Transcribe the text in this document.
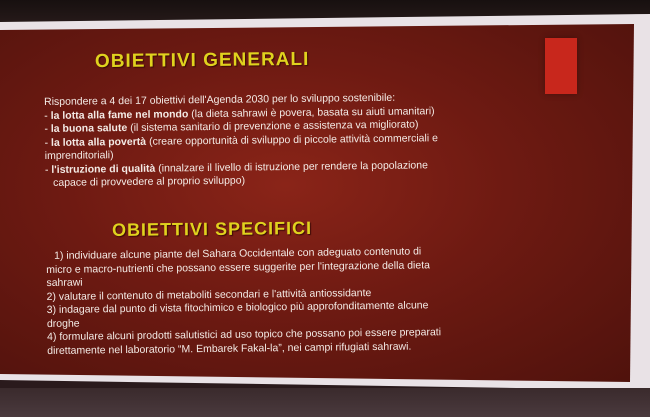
OBIETTIVI GENERALI
Rispondere a 4 dei 17 obiettivi dell'Agenda 2030 per lo sviluppo sostenibile:
- la lotta alla fame nel mondo (la dieta sahrawi è povera, basata su aiuti umanitari)
- la buona salute (il sistema sanitario di prevenzione e assistenza va migliorato)
- la lotta alla povertà (creare opportunità di sviluppo di piccole attività commerciali e
imprenditoriali)
- l'istruzione di qualità (innalzare il livello di istruzione per rendere la popolazione
capace di provvedere al proprio sviluppo)
OBIETTIVI SPECIFICI
1) individuare alcune piante del Sahara Occidentale con adeguato contenuto di
micro e macro-nutrienti che possano essere suggerite per l'integrazione della dieta
sahrawi
2) valutare il contenuto di metaboliti secondari e l'attività antiossidante
3) indagare dal punto di vista fitochimico e biologico più approfonditamente alcune
droghe
4) formulare alcuni prodotti salutistici ad uso topico che possano poi essere preparati
direttamente nel laboratorio “M. Embarek Fakal-la”, nei campi rifugiati sahrawi.
